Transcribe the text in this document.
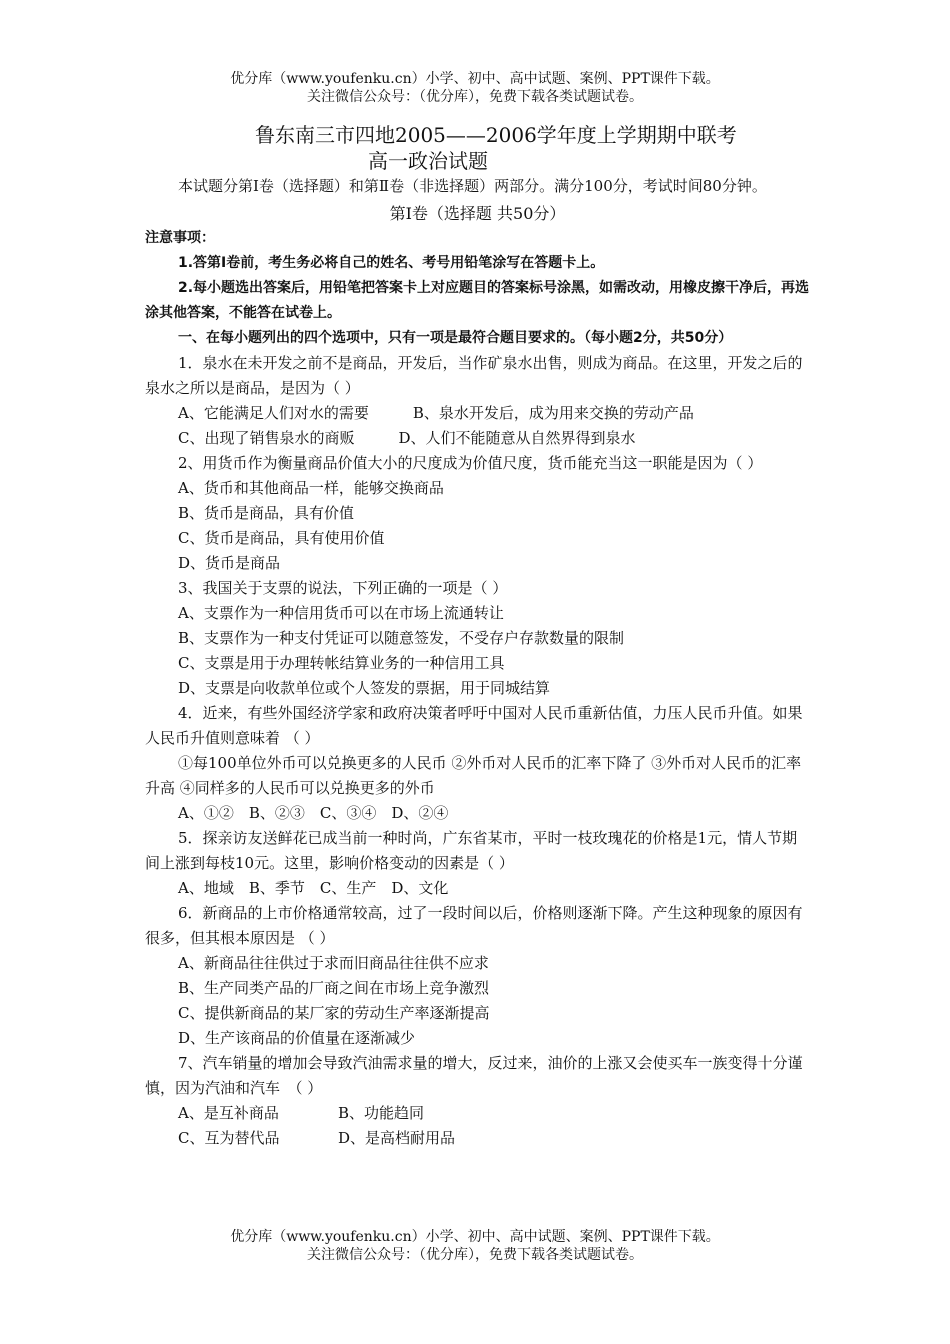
优分库（www.youfenku.cn）小学、初中、高中试题、案例、PPT课件下载。
关注微信公众号：（优分库），免费下载各类试题试卷。
鲁东南三市四地2005——2006学年度上学期期中联考
高一政治试题

本试题分第Ⅰ卷（选择题）和第Ⅱ卷（非选择题）两部分。满分100分，考试时间80分钟。

第Ⅰ卷（选择题 共50分）

注意事项：

1.答第Ⅰ卷前，考生务必将自己的姓名、考号用铅笔涂写在答题卡上。

2.每小题选出答案后，用铅笔把答案卡上对应题目的答案标号涂黑，如需改动，用橡皮擦干净后，再选涂其他答案，不能答在试卷上。

一、在每小题列出的四个选项中，只有一项是最符合题目要求的。（每小题2分，共50分）

1．泉水在未开发之前不是商品，开发后，当作矿泉水出售，则成为商品。在这里，开发之后的泉水之所以是商品，是因为（ ）

A、它能满足人们对水的需要	B、泉水开发后，成为用来交换的劳动产品

C、出现了销售泉水的商贩	D、人们不能随意从自然界得到泉水

2、用货币作为衡量商品价值大小的尺度成为价值尺度，货币能充当这一职能是因为（ ）

A、货币和其他商品一样，能够交换商品

B、货币是商品，具有价值

C、货币是商品，具有使用价值

D、货币是商品

3、我国关于支票的说法，下列正确的一项是（ ）

A、支票作为一种信用货币可以在市场上流通转让

B、支票作为一种支付凭证可以随意签发，不受存户存款数量的限制

C、支票是用于办理转帐结算业务的一种信用工具

D、支票是向收款单位或个人签发的票据，用于同城结算

4．近来，有些外国经济学家和政府决策者呼吁中国对人民币重新估值，力压人民币升值。如果人民币升值则意味着 （ ）

①每100单位外币可以兑换更多的人民币 ②外币对人民币的汇率下降了 ③外币对人民币的汇率升高 ④同样多的人民币可以兑换更多的外币

A、①②　B、②③　C、③④　D、②④

5．探亲访友送鲜花已成当前一种时尚，广东省某市，平时一枝玫瑰花的价格是1元，情人节期间上涨到每枝10元。这里，影响价格变动的因素是（ ）

A、地域　B、季节　C、生产　D、文化

6．新商品的上市价格通常较高，过了一段时间以后，价格则逐渐下降。产生这种现象的原因有很多，但其根本原因是 （ ）

A、新商品往往供过于求而旧商品往往供不应求

B、生产同类产品的厂商之间在市场上竞争激烈

C、提供新商品的某厂家的劳动生产率逐渐提高

D、生产该商品的价值量在逐渐减少

7、汽车销量的增加会导致汽油需求量的增大，反过来，油价的上涨又会使买车一族变得十分谨慎，因为汽油和汽车　（ ）

A、是互补商品	B、功能趋同

C、互为替代品	D、是高档耐用品

优分库（www.youfenku.cn）小学、初中、高中试题、案例、PPT课件下载。
关注微信公众号：（优分库），免费下载各类试题试卷。
